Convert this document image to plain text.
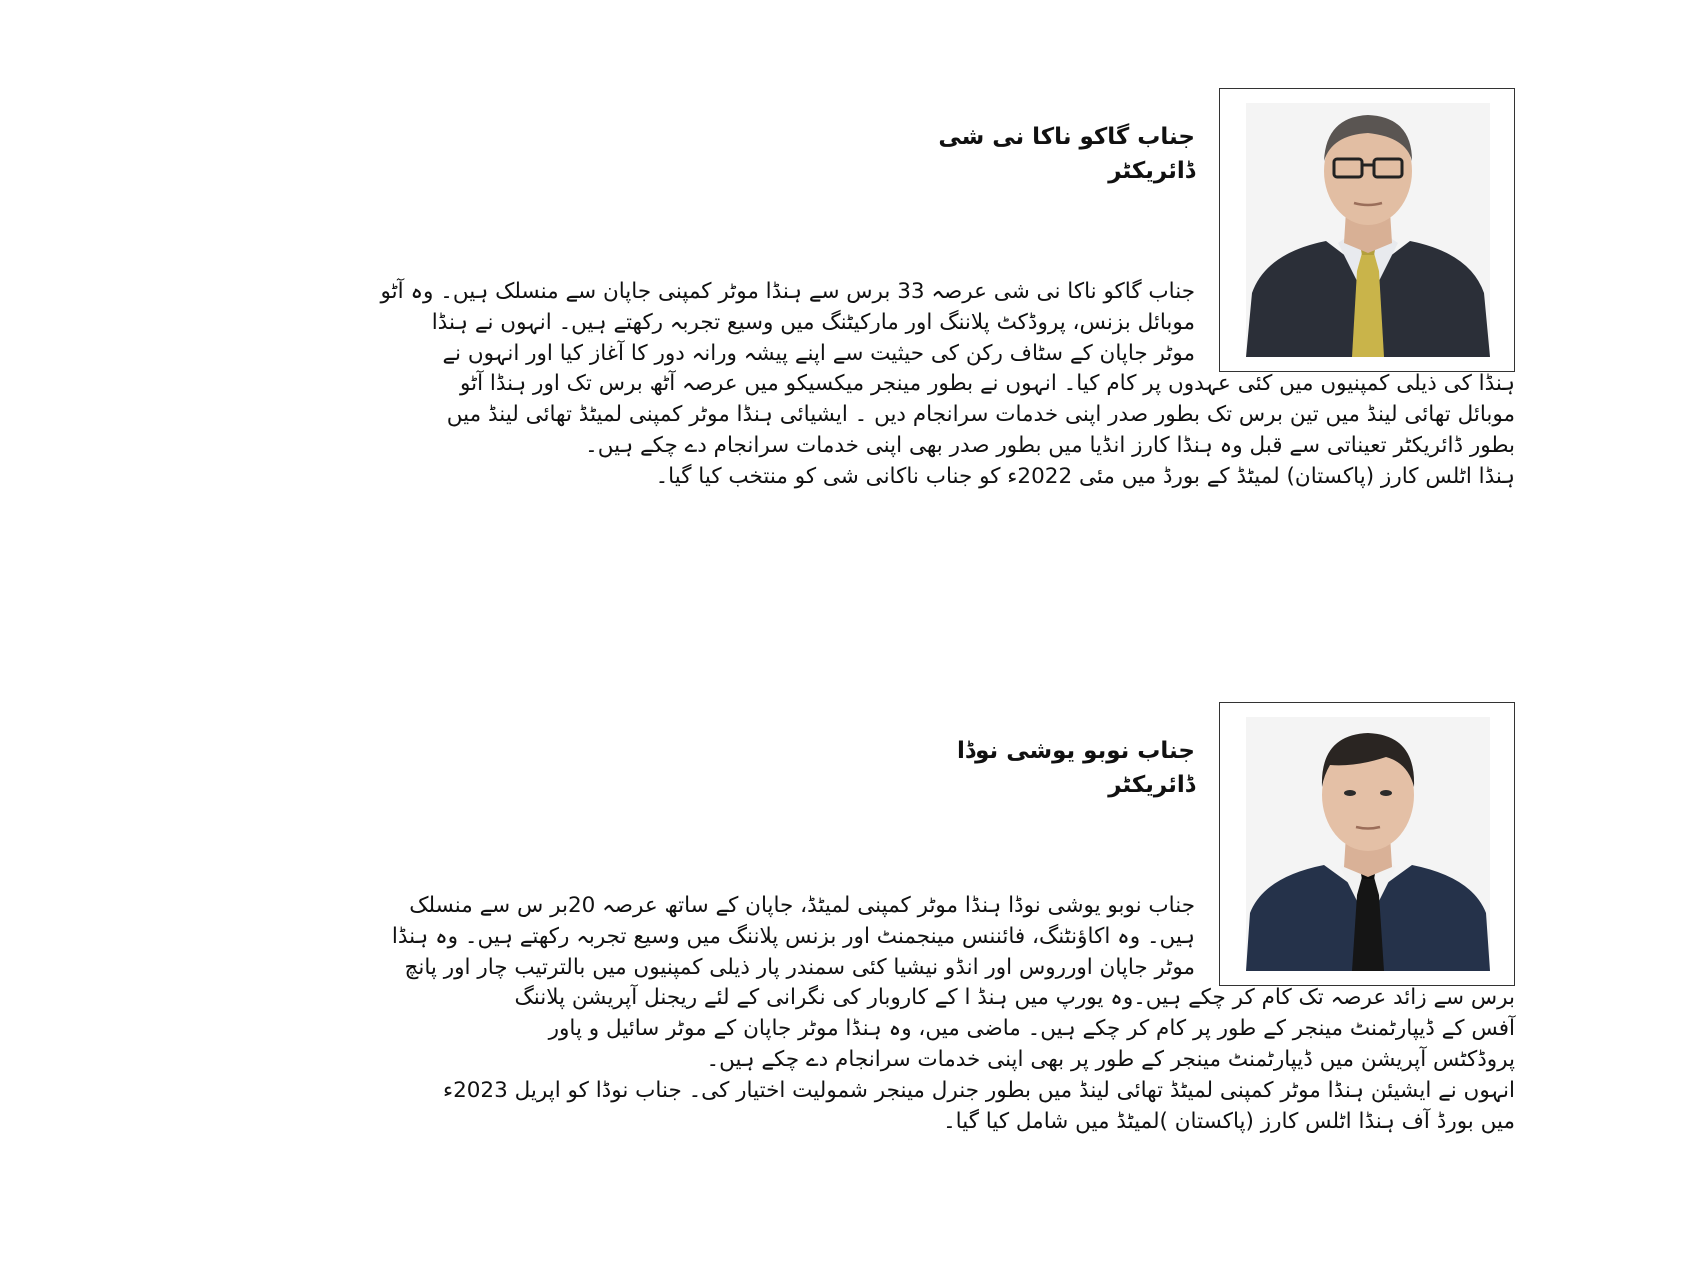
جناب گاکو ناکا نی شی
ڈائریکٹر

جناب گاکو ناکا نی شی عرصہ 33 برس سے ہنڈا موٹر کمپنی جاپان سے منسلک ہیں۔ وہ آٹو
موبائل بزنس، پروڈکٹ پلاننگ اور مارکیٹنگ میں وسیع تجربہ رکھتے ہیں۔ انہوں نے ہنڈا
موٹر جاپان کے سٹاف رکن کی حیثیت سے اپنے پیشہ ورانہ دور کا آغاز کیا اور انہوں نے

ہنڈا کی ذیلی کمپنیوں میں کئی عہدوں پر کام کیا۔ انہوں نے بطور مینجر میکسیکو میں عرصہ آٹھ برس تک اور ہنڈا آٹو
موبائل تھائی لینڈ میں تین برس تک بطور صدر اپنی خدمات سرانجام دیں ۔ ایشیائی ہنڈا موٹر کمپنی لمیٹڈ تھائی لینڈ میں
بطور ڈائریکٹر تعیناتی سے قبل وہ ہنڈا کارز انڈیا میں بطور صدر بھی اپنی خدمات سرانجام دے چکے ہیں۔
ہنڈا اٹلس کارز (پاکستان) لمیٹڈ کے بورڈ میں مئی 2022ء کو جناب ناکانی شی کو منتخب کیا گیا۔

جناب نوبو یوشی نوڈا
ڈائریکٹر

جناب نوبو یوشی نوڈا ہنڈا موٹر کمپنی لمیٹڈ، جاپان کے ساتھ عرصہ 20بر س سے منسلک
ہیں۔ وہ اکاؤنٹنگ، فائننس مینجمنٹ اور بزنس پلاننگ میں وسیع تجربہ رکھتے ہیں۔ وہ ہنڈا
موٹر جاپان اورروس اور انڈو نیشیا کئی سمندر پار ذیلی کمپنیوں میں بالترتیب چار اور پانچ

برس سے زائد عرصہ تک کام کر چکے ہیں۔وہ یورپ میں ہنڈ ا کے کاروبار کی نگرانی کے لئے ریجنل آپریشن پلاننگ
آفس کے ڈیپارٹمنٹ مینجر کے طور پر کام کر چکے ہیں۔ ماضی میں، وہ ہنڈا موٹر جاپان کے موٹر سائیل و پاور
پروڈکٹس آپریشن میں ڈیپارٹمنٹ مینجر کے طور پر بھی اپنی خدمات سرانجام دے چکے ہیں۔
انہوں نے ایشیئن ہنڈا موٹر کمپنی لمیٹڈ تھائی لینڈ میں بطور جنرل مینجر شمولیت اختیار کی۔ جناب نوڈا کو اپریل 2023ء
میں بورڈ آف ہنڈا اٹلس کارز (پاکستان )لمیٹڈ میں شامل کیا گیا۔
